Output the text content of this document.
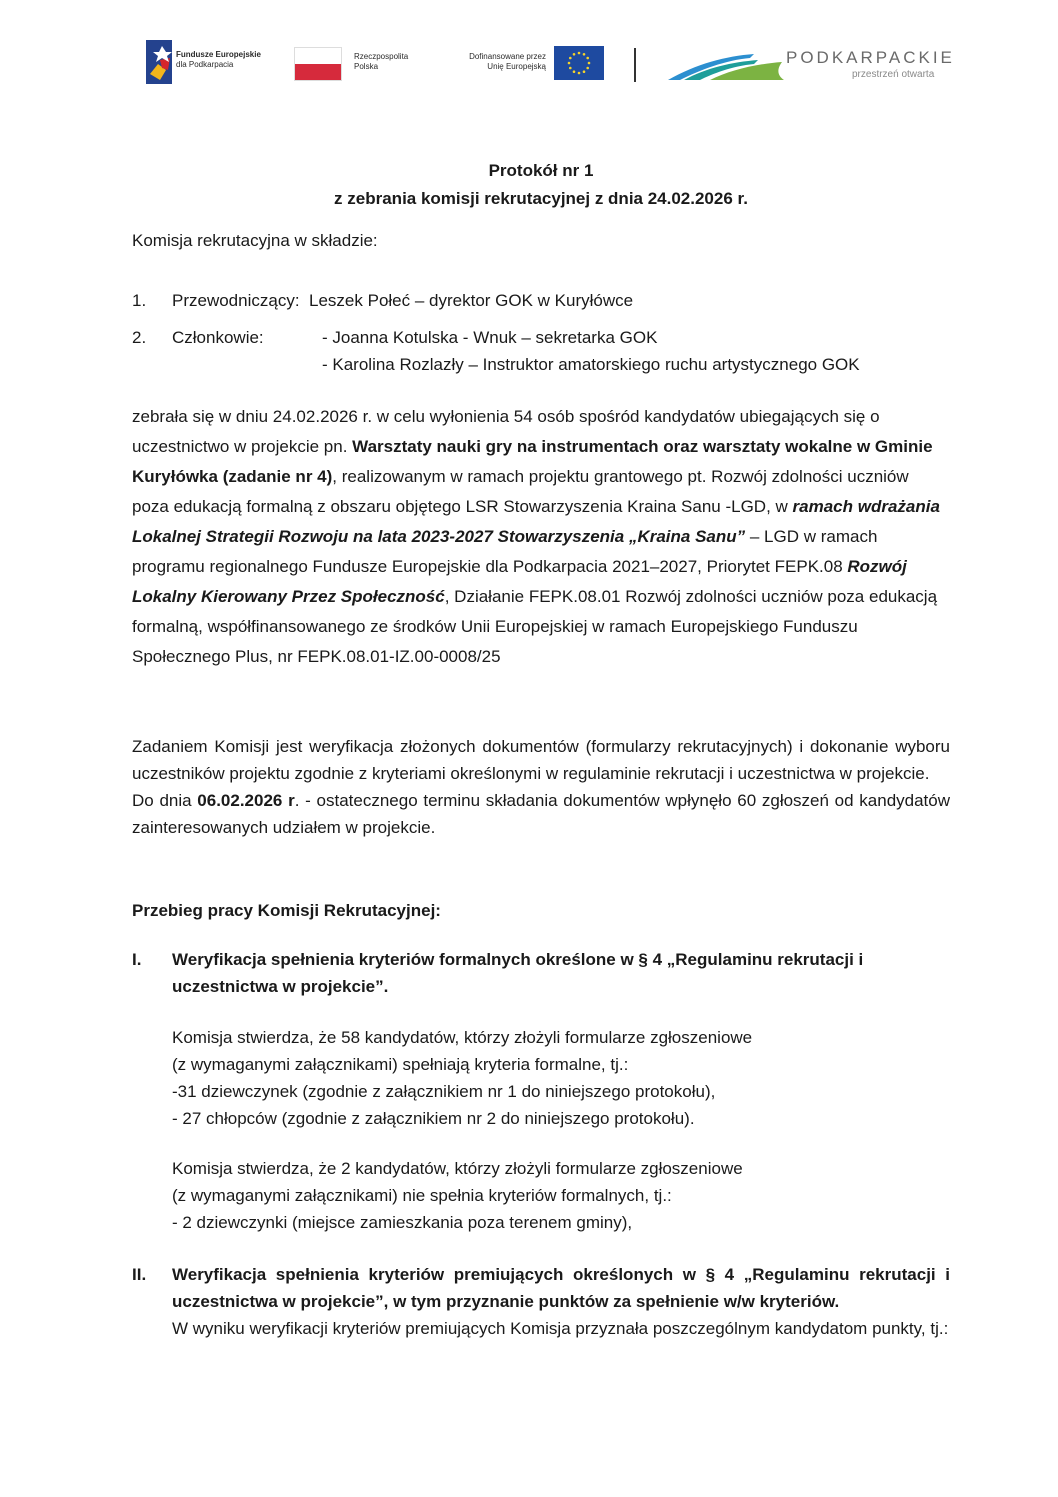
Fundusze Europejskie
dla Podkarpacia
Rzeczpospolita
Polska
Dofinansowane przez
Unię Europejską	PODKARPACKIE
przestrzeń otwarta
Protokół nr 1
z zebrania komisji rekrutacyjnej z dnia 24.02.2026 r.
Komisja rekrutacyjna w składzie:
1. Przewodniczący: Leszek Połeć – dyrektor GOK w Kuryłówce
2. Członkowie:	- Joanna Kotulska - Wnuk – sekretarka GOK
- Karolina Rozlazły – Instruktor amatorskiego ruchu artystycznego GOK
zebrała się w dniu 24.02.2026 r. w celu wyłonienia 54 osób spośród kandydatów ubiegających się o uczestnictwo w projekcie pn. Warsztaty nauki gry na instrumentach oraz warsztaty wokalne w Gminie Kuryłówka (zadanie nr 4), realizowanym w ramach projektu grantowego pt. Rozwój zdolności uczniów poza edukacją formalną z obszaru objętego LSR Stowarzyszenia Kraina Sanu -LGD, w ramach wdrażania Lokalnej Strategii Rozwoju na lata 2023-2027 Stowarzyszenia „Kraina Sanu” – LGD w ramach programu regionalnego Fundusze Europejskie dla Podkarpacia 2021–2027, Priorytet FEPK.08 Rozwój Lokalny Kierowany Przez Społeczność, Działanie FEPK.08.01 Rozwój zdolności uczniów poza edukacją formalną, współfinansowanego ze środków Unii Europejskiej w ramach Europejskiego Funduszu Społecznego Plus, nr FEPK.08.01-IZ.00-0008/25
Zadaniem Komisji jest weryfikacja złożonych dokumentów (formularzy rekrutacyjnych) i dokonanie wyboru uczestników projektu zgodnie z kryteriami określonymi w regulaminie rekrutacji i uczestnictwa w projekcie.
Do dnia 06.02.2026 r. - ostatecznego terminu składania dokumentów wpłynęło 60 zgłoszeń od kandydatów zainteresowanych udziałem w projekcie.
Przebieg pracy Komisji Rekrutacyjnej:
I.	Weryfikacja spełnienia kryteriów formalnych określone w § 4 „Regulaminu rekrutacji i uczestnictwa w projekcie”.
Komisja stwierdza, że 58 kandydatów, którzy złożyli formularze zgłoszeniowe
(z wymaganymi załącznikami) spełniają kryteria formalne, tj.:
-31 dziewczynek (zgodnie z załącznikiem nr 1 do niniejszego protokołu),
- 27 chłopców (zgodnie z załącznikiem nr 2 do niniejszego protokołu).
Komisja stwierdza, że 2 kandydatów, którzy złożyli formularze zgłoszeniowe
(z wymaganymi załącznikami) nie spełnia kryteriów formalnych, tj.:
- 2 dziewczynki (miejsce zamieszkania poza terenem gminy),
II.	Weryfikacja spełnienia kryteriów premiujących określonych w § 4 „Regulaminu rekrutacji i uczestnictwa w projekcie”, w tym przyznanie punktów za spełnienie w/w kryteriów.
W wyniku weryfikacji kryteriów premiujących Komisja przyznała poszczególnym kandydatom punkty, tj.:
